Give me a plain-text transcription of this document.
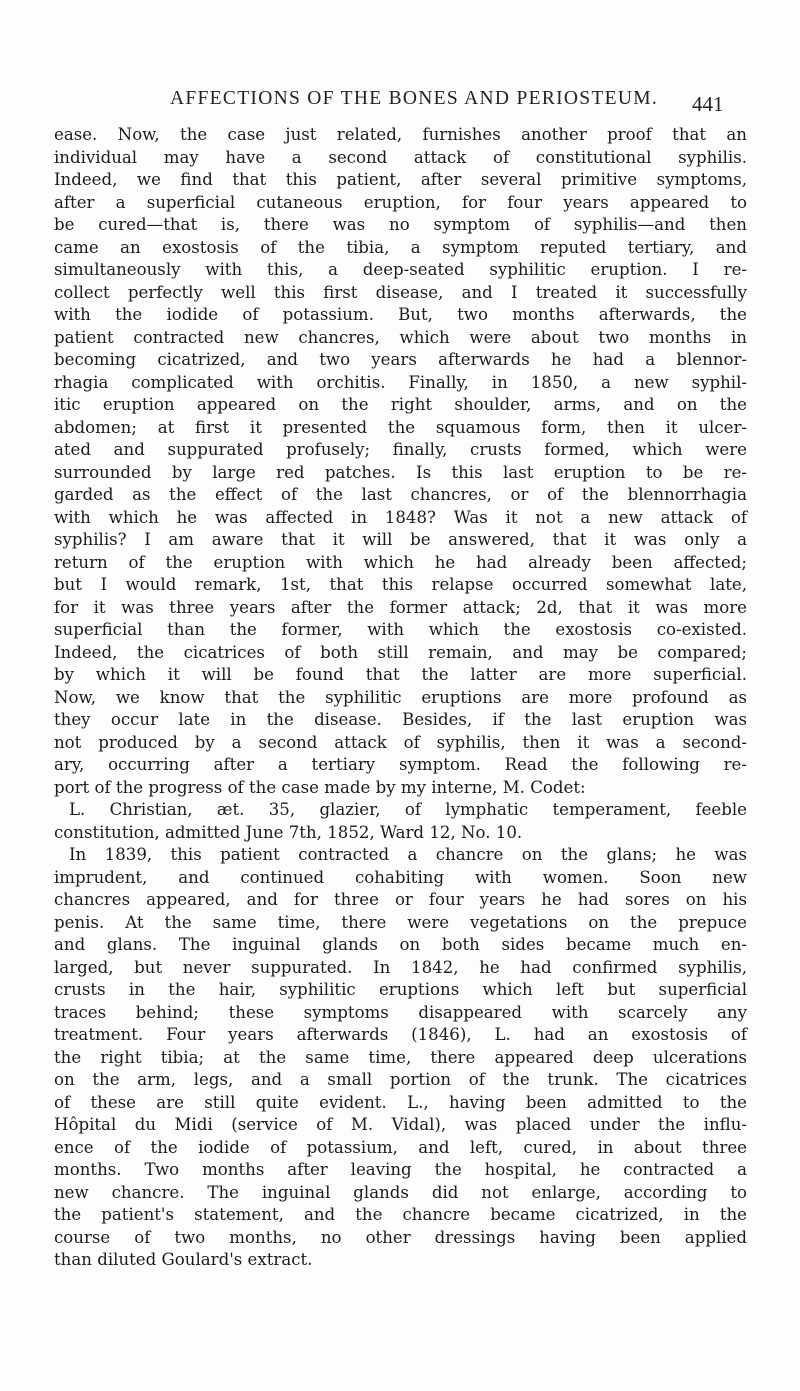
AFFECTIONS OF THE BONES AND PERIOSTEUM. 441
ease. Now, the case just related, furnishes another proof that an
individual may have a second attack of constitutional syphilis.
Indeed, we find that this patient, after several primitive symptoms,
after a superficial cutaneous eruption, for four years appeared to
be cured—that is, there was no symptom of syphilis—and then
came an exostosis of the tibia, a symptom reputed tertiary, and
simultaneously with this, a deep-seated syphilitic eruption. I re-
collect perfectly well this first disease, and I treated it successfully
with the iodide of potassium. But, two months afterwards, the
patient contracted new chancres, which were about two months in
becoming cicatrized, and two years afterwards he had a blennor-
rhagia complicated with orchitis. Finally, in 1850, a new syphil-
itic eruption appeared on the right shoulder, arms, and on the
abdomen; at first it presented the squamous form, then it ulcer-
ated and suppurated profusely; finally, crusts formed, which were
surrounded by large red patches. Is this last eruption to be re-
garded as the effect of the last chancres, or of the blennorrhagia
with which he was affected in 1848? Was it not a new attack of
syphilis? I am aware that it will be answered, that it was only a
return of the eruption with which he had already been affected;
but I would remark, 1st, that this relapse occurred somewhat late,
for it was three years after the former attack; 2d, that it was more
superficial than the former, with which the exostosis co-existed.
Indeed, the cicatrices of both still remain, and may be compared;
by which it will be found that the latter are more superficial.
Now, we know that the syphilitic eruptions are more profound as
they occur late in the disease. Besides, if the last eruption was
not produced by a second attack of syphilis, then it was a second-
ary, occurring after a tertiary symptom. Read the following re-
port of the progress of the case made by my interne, M. Codet:
L. Christian, æt. 35, glazier, of lymphatic temperament, feeble
constitution, admitted June 7th, 1852, Ward 12, No. 10.
In 1839, this patient contracted a chancre on the glans; he was
imprudent, and continued cohabiting with women. Soon new
chancres appeared, and for three or four years he had sores on his
penis. At the same time, there were vegetations on the prepuce
and glans. The inguinal glands on both sides became much en-
larged, but never suppurated. In 1842, he had confirmed syphilis,
crusts in the hair, syphilitic eruptions which left but superficial
traces behind; these symptoms disappeared with scarcely any
treatment. Four years afterwards (1846), L. had an exostosis of
the right tibia; at the same time, there appeared deep ulcerations
on the arm, legs, and a small portion of the trunk. The cicatrices
of these are still quite evident. L., having been admitted to the
Hôpital du Midi (service of M. Vidal), was placed under the influ-
ence of the iodide of potassium, and left, cured, in about three
months. Two months after leaving the hospital, he contracted a
new chancre. The inguinal glands did not enlarge, according to
the patient's statement, and the chancre became cicatrized, in the
course of two months, no other dressings having been applied
than diluted Goulard's extract.
